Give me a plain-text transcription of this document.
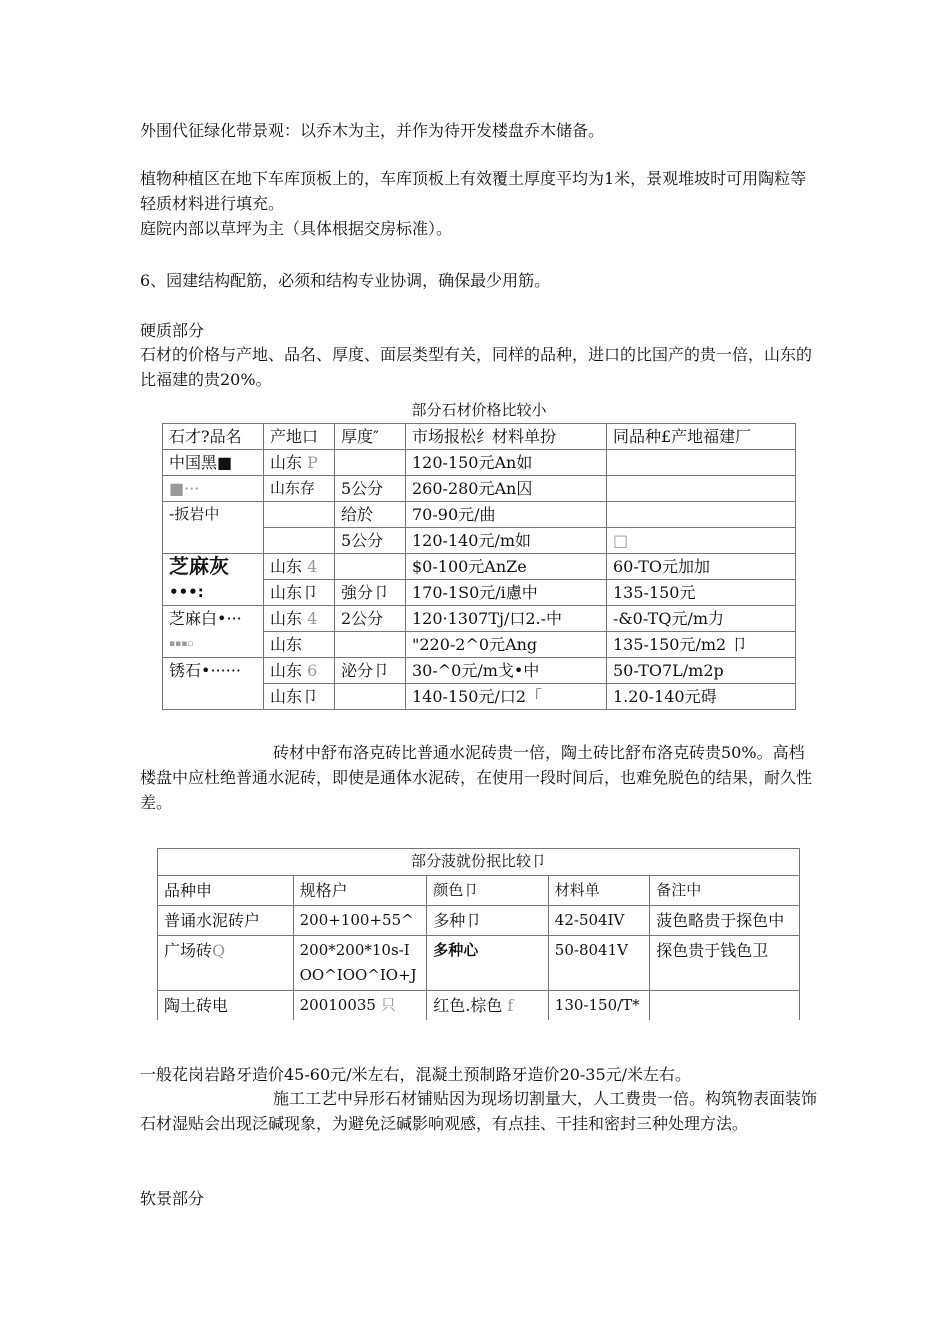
外围代征绿化带景观：以乔木为主，并作为待开发楼盘乔木储备。

植物种植区在地下车库顶板上的，车库顶板上有效覆土厚度平均为1米，景观堆坡时可用陶粒等轻质材料进行填充。

庭院内部以草坪为主（具体根据交房标准）。

6、园建结构配筋，必须和结构专业协调，确保最少用筋。

硬质部分

石材的价格与产地、品名、厚度、面层类型有关，同样的品种，进口的比国产的贵一倍，山东的比福建的贵20%。

部分石材价格比较小				
石才?品名	产地口	厚度″	市场报松纟材料单扮	同品种£产地福建厂
中国黑■	山东 P		120-150元An如	
■···	山东存	5公分	260-280元An囚	
-扳岩中		给於	70-90元/曲	
		5公分	120-140元/m如	□
芝麻灰	山东 4		$0-100元AnZe	60-TO元加加
•••:	山东卩	強分卩	170-1S0元/i慮中	135-150元
芝麻白•···	山东 4	2公分	120·1307Tj/口2.-中	-&0-TQ元/m力
▪▪▪▫	山东		"220-2^0元Ang	135-150元/m2 卩
锈石•······	山东 6	泌分卩	30-^0元/m戈•中	50-TO7L/m2p
	山东卩		140-150元/口2「	1.20-140元碍

砖材中舒布洛克砖比普通水泥砖贵一倍，陶土砖比舒布洛克砖贵50%。高档楼盘中应杜绝普通水泥砖，即使是通体水泥砖，在使用一段时间后，也难免脱色的结果，耐久性差。

部分菠就份抿比较卩				
品种申	规格户	颜色卩	材料单	备注中
普诵水泥砖户	200+100+55^	多种卩	42-504IV	菠色略贵于探色中
广场砖Q	200*200*10s-IOO^IOO^IO+J	多种心	50-8041V	探色贵于钱色卫
陶土砖电	20010035 只	红色.棕色 f	130-150/T*	

一般花岗岩路牙造价45-60元/米左右，混凝土预制路牙造价20-35元/米左右。

施工工艺中异形石材铺贴因为现场切割量大，人工费贵一倍。构筑物表面装饰石材湿贴会出现泛碱现象，为避免泛碱影响观感，有点挂、干挂和密封三种处理方法。

软景部分
